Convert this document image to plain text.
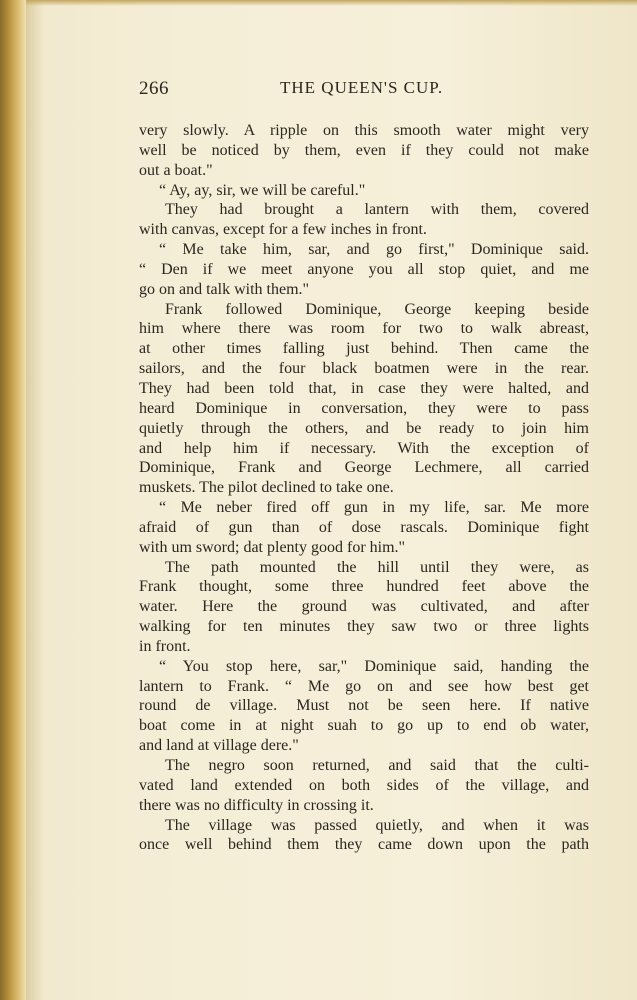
266	THE QUEEN'S CUP.
very slowly. A ripple on this smooth water might very
well be noticed by them, even if they could not make
out a boat."
“ Ay, ay, sir, we will be careful."
They had brought a lantern with them, covered
with canvas, except for a few inches in front.
“ Me take him, sar, and go first," Dominique said.
“ Den if we meet anyone you all stop quiet, and me
go on and talk with them."
Frank followed Dominique, George keeping beside
him where there was room for two to walk abreast,
at other times falling just behind. Then came the
sailors, and the four black boatmen were in the rear.
They had been told that, in case they were halted, and
heard Dominique in conversation, they were to pass
quietly through the others, and be ready to join him
and help him if necessary. With the exception of
Dominique, Frank and George Lechmere, all carried
muskets. The pilot declined to take one.
“ Me neber fired off gun in my life, sar. Me more
afraid of gun than of dose rascals. Dominique fight
with um sword; dat plenty good for him."
The path mounted the hill until they were, as
Frank thought, some three hundred feet above the
water. Here the ground was cultivated, and after
walking for ten minutes they saw two or three lights
in front.
“ You stop here, sar," Dominique said, handing the
lantern to Frank. “ Me go on and see how best get
round de village. Must not be seen here. If native
boat come in at night suah to go up to end ob water,
and land at village dere."
The negro soon returned, and said that the culti-
vated land extended on both sides of the village, and
there was no difficulty in crossing it.
The village was passed quietly, and when it was
once well behind them they came down upon the path
